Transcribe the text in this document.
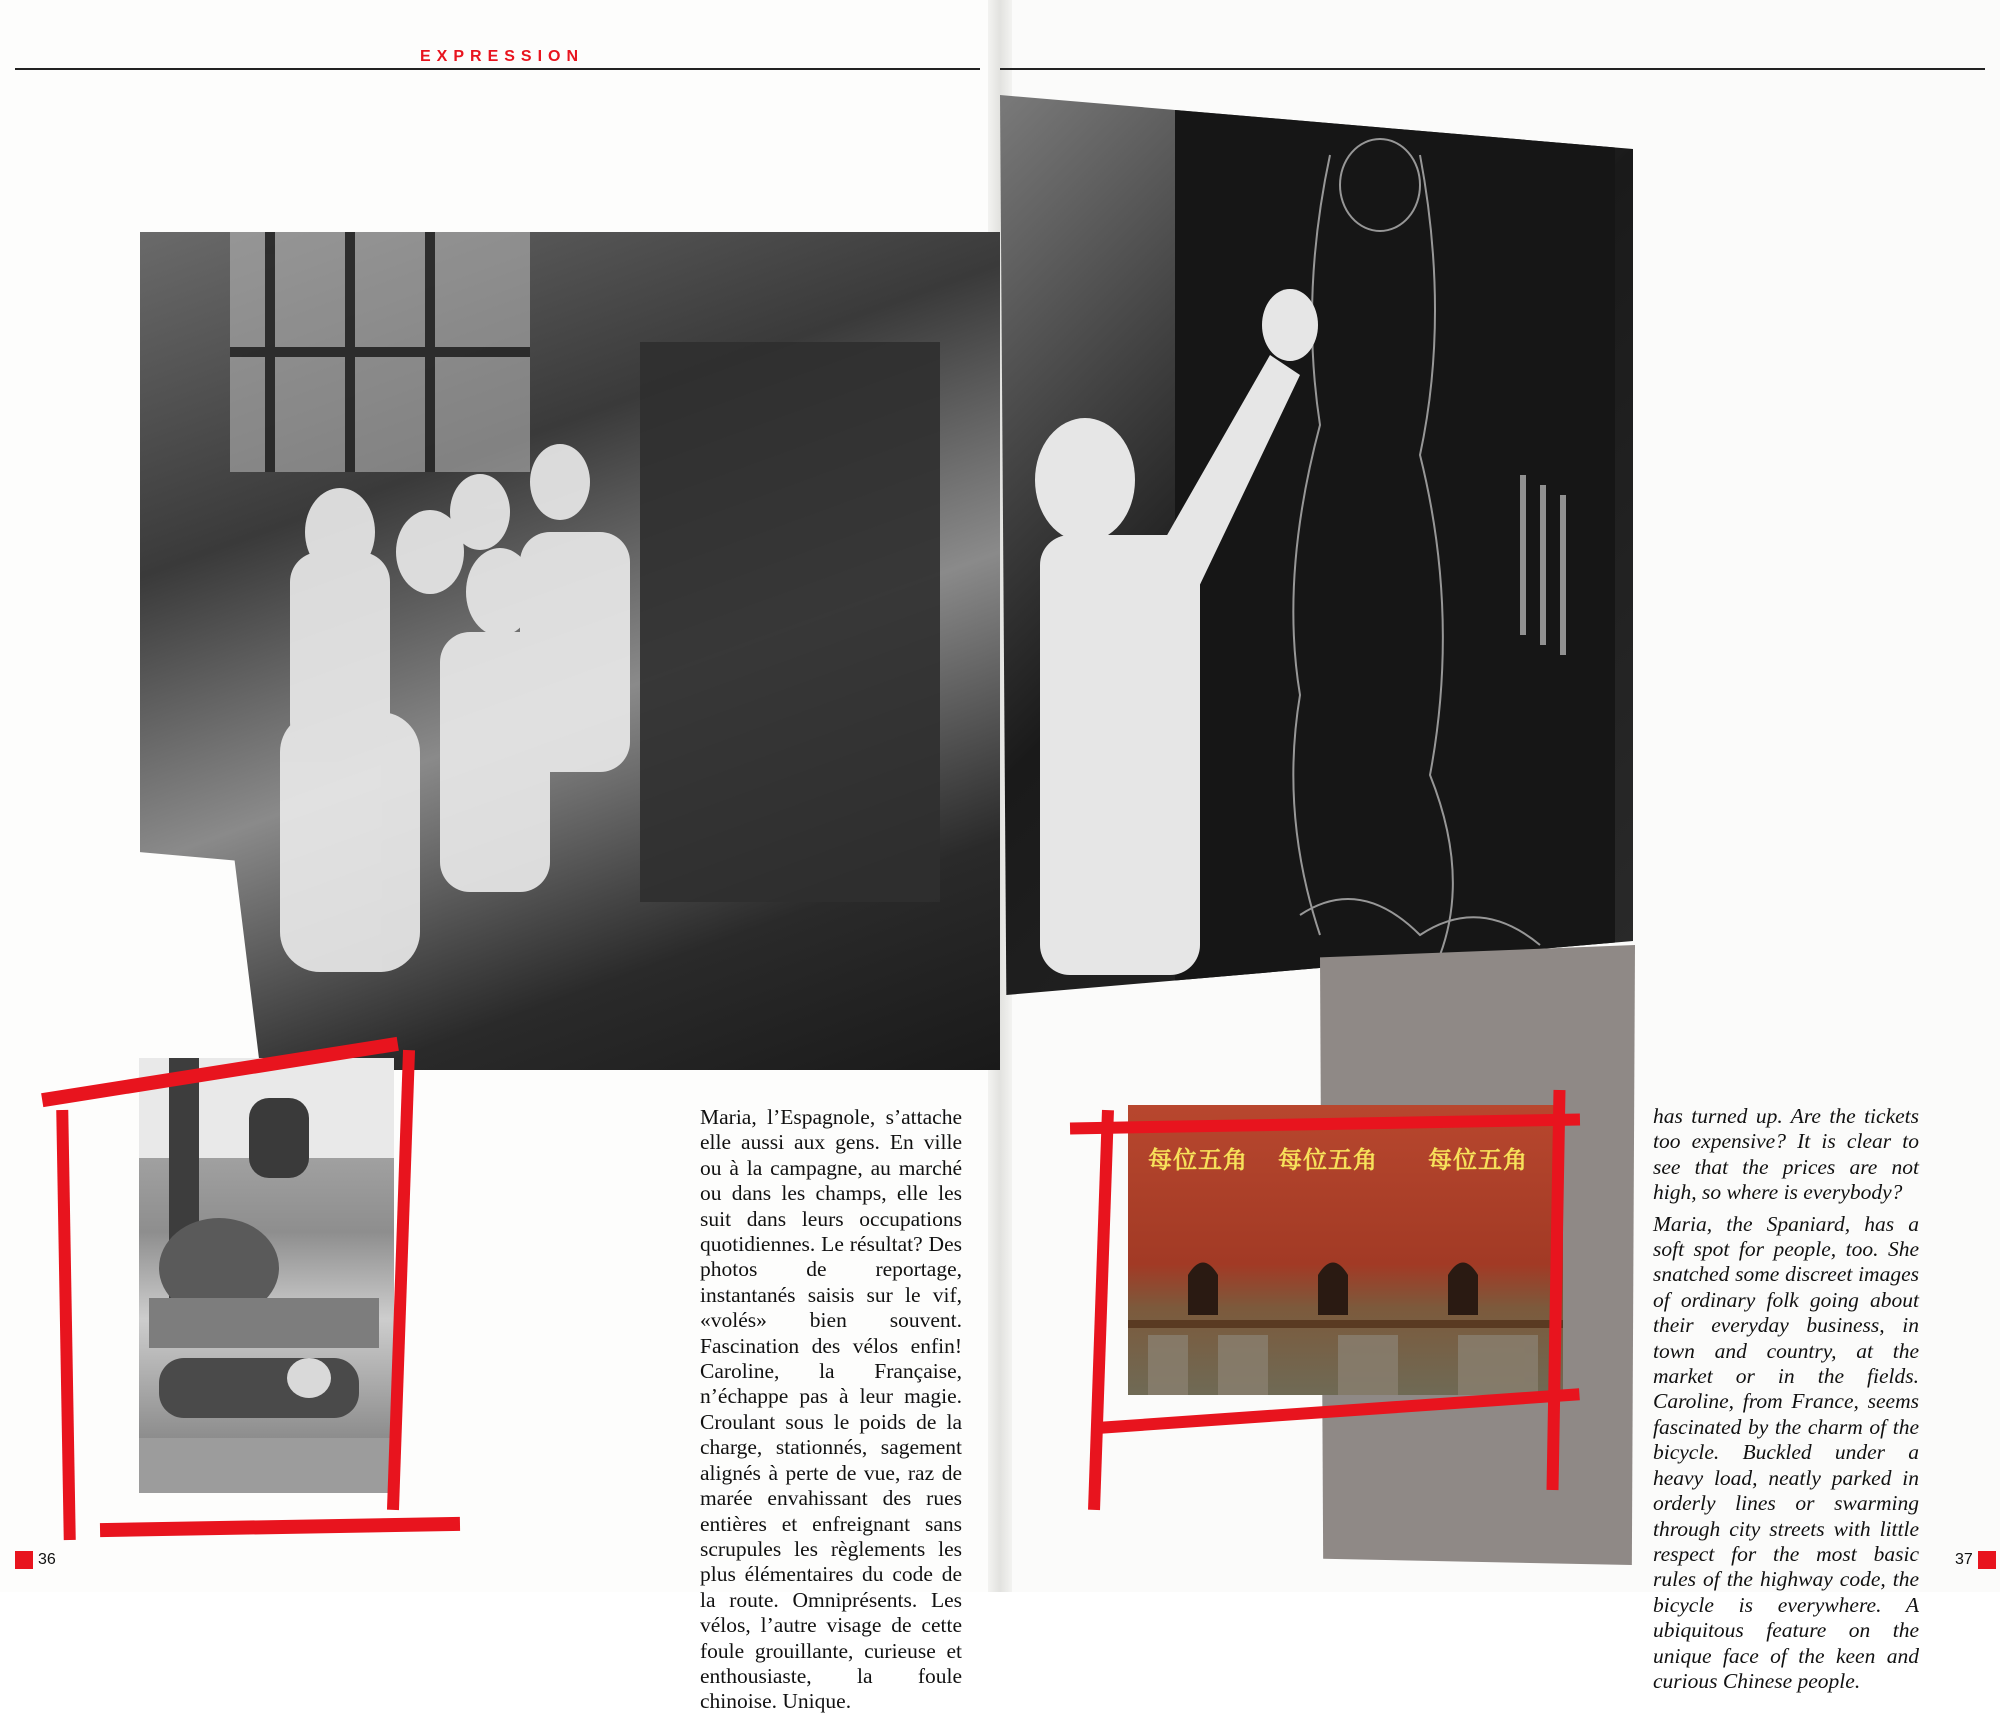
EXPRESSION
每位五角 每位五角 每位五角

Maria, l’Espagnole, s’attache elle aussi aux gens. En ville ou à la campagne, au marché ou dans les champs, elle les suit dans leurs occupations quotidiennes. Le résultat? Des photos de reportage, instantanés saisis sur le vif, «volés» bien souvent. Fascination des vélos enfin! Caroline, la Française, n’échappe pas à leur magie. Croulant sous le poids de la charge, stationnés, sagement alignés à perte de vue, raz de marée envahissant des rues entières et enfreignant sans scrupules les règlements les plus élémentaires du code de la route. Omniprésents. Les vélos, l’autre visage de cette foule grouillante, curieuse et enthousiaste, la foule chinoise. Unique.

has turned up. Are the tickets too expensive? It is clear to see that the prices are not high, so where is everybody?

Maria, the Spaniard, has a soft spot for people, too. She snatched some discreet images of ordinary folk going about their everyday business, in town and country, at the market or in the fields. Caroline, from France, seems fascinated by the charm of the bicycle. Buckled under a heavy load, neatly parked in orderly lines or swarming through city streets with little respect for the most basic rules of the highway code, the bicycle is everywhere. A ubiquitous feature on the unique face of the keen and curious Chinese people.

36	37
